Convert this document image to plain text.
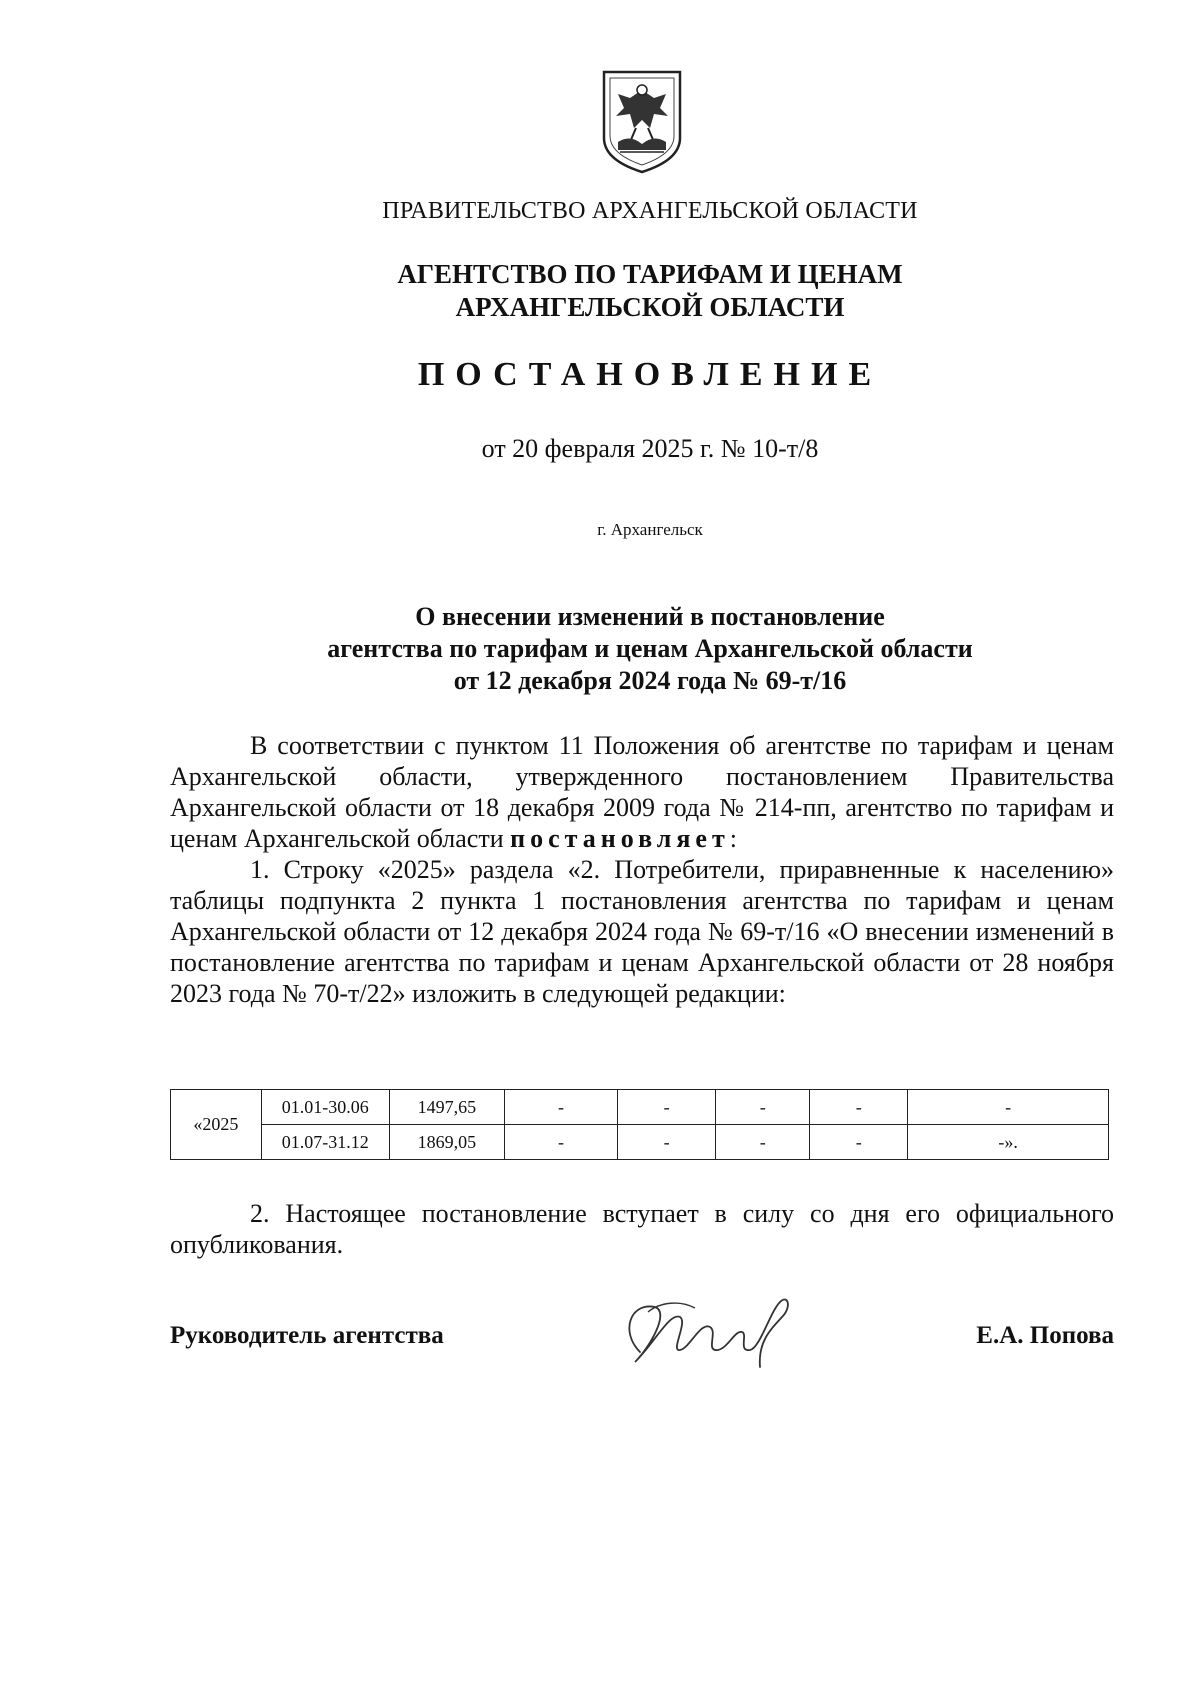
ПРАВИТЕЛЬСТВО АРХАНГЕЛЬСКОЙ ОБЛАСТИ
АГЕНТСТВО ПО ТАРИФАМ И ЦЕНАМ
АРХАНГЕЛЬСКОЙ ОБЛАСТИ
ПОСТАНОВЛЕНИЕ
от 20 февраля 2025 г. № 10-т/8
г. Архангельск
О внесении изменений в постановление
агентства по тарифам и ценам Архангельской области
от 12 декабря 2024 года № 69-т/16

В соответствии с пунктом 11 Положения об агентстве по тарифам и ценам Архангельской области, утвержденного постановлением Правительства Архангельской области от 18 декабря 2009 года № 214-пп, агентство по тарифам и ценам Архангельской области постановляет:

1. Строку «2025» раздела «2. Потребители, приравненные к населению» таблицы подпункта 2 пункта 1 постановления агентства по тарифам и ценам Архангельской области от 12 декабря 2024 года № 69-т/16 «О внесении изменений в постановление агентства по тарифам и ценам Архангельской области от 28 ноября 2023 года № 70-т/22» изложить в следующей редакции:

«2025	01.01-30.06	1497,65	-	-	-	-	-
	01.07-31.12	1869,05	-	-	-	-	-».

2. Настоящее постановление вступает в силу со дня его официального опубликования.

Руководитель агентства	Е.А. Попова
